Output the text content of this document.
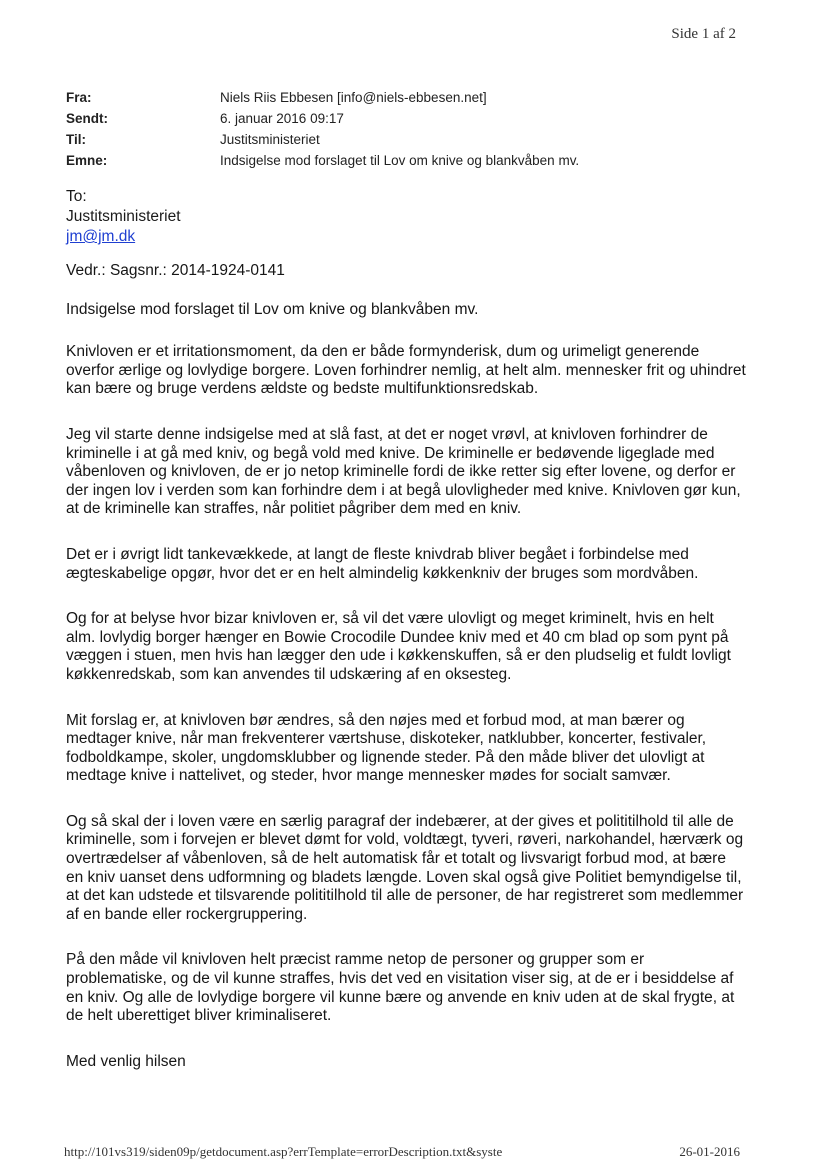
Side 1 af 2
Fra:	Niels Riis Ebbesen [info@niels-ebbesen.net]
Sendt:	6. januar 2016 09:17
Til:	Justitsministeriet
Emne:	Indsigelse mod forslaget til Lov om knive og blankvåben mv.
To:
Justitsministeriet
jm@jm.dk

Vedr.: Sagsnr.: 2014-1924-0141

Indsigelse mod forslaget til Lov om knive og blankvåben mv.

Knivloven er et irritationsmoment, da den er både formynderisk, dum og urimeligt generende overfor ærlige og lovlydige borgere. Loven forhindrer nemlig, at helt alm. mennesker frit og uhindret kan bære og bruge verdens ældste og bedste multifunktionsredskab.

Jeg vil starte denne indsigelse med at slå fast, at det er noget vrøvl, at knivloven forhindrer de kriminelle i at gå med kniv, og begå vold med knive. De kriminelle er bedøvende ligeglade med våbenloven og knivloven, de er jo netop kriminelle fordi de ikke retter sig efter lovene, og derfor er der ingen lov i verden som kan forhindre dem i at begå ulovligheder med knive. Knivloven gør kun, at de kriminelle kan straffes, når politiet pågriber dem med en kniv.

Det er i øvrigt lidt tankevækkede, at langt de fleste knivdrab bliver begået i forbindelse med ægteskabelige opgør, hvor det er en helt almindelig køkkenkniv der bruges som mordvåben.

Og for at belyse hvor bizar knivloven er, så vil det være ulovligt og meget kriminelt, hvis en helt alm. lovlydig borger hænger en Bowie Crocodile Dundee kniv med et 40 cm blad op som pynt på væggen i stuen, men hvis han lægger den ude i køkkenskuffen, så er den pludselig et fuldt lovligt køkkenredskab, som kan anvendes til udskæring af en oksesteg.

Mit forslag er, at knivloven bør ændres, så den nøjes med et forbud mod, at man bærer og medtager knive, når man frekventerer værtshuse, diskoteker, natklubber, koncerter, festivaler, fodboldkampe, skoler, ungdomsklubber og lignende steder. På den måde bliver det ulovligt at medtage knive i nattelivet, og steder, hvor mange mennesker mødes for socialt samvær.

Og så skal der i loven være en særlig paragraf der indebærer, at der gives et polititilhold til alle de kriminelle, som i forvejen er blevet dømt for vold, voldtægt, tyveri, røveri, narkohandel, hærværk og overtrædelser af våbenloven, så de helt automatisk får et totalt og livsvarigt forbud mod, at bære en kniv uanset dens udformning og bladets længde. Loven skal også give Politiet bemyndigelse til, at det kan udstede et tilsvarende polititilhold til alle de personer, de har registreret som medlemmer af en bande eller rockergruppering.

På den måde vil knivloven helt præcist ramme netop de personer og grupper som er problematiske, og de vil kunne straffes, hvis det ved en visitation viser sig, at de er i besiddelse af en kniv. Og alle de lovlydige borgere vil kunne bære og anvende en kniv uden at de skal frygte, at de helt uberettiget bliver kriminaliseret.

Med venlig hilsen

http://101vs319/siden09p/getdocument.asp?errTemplate=errorDescription.txt&syste	26-01-2016
